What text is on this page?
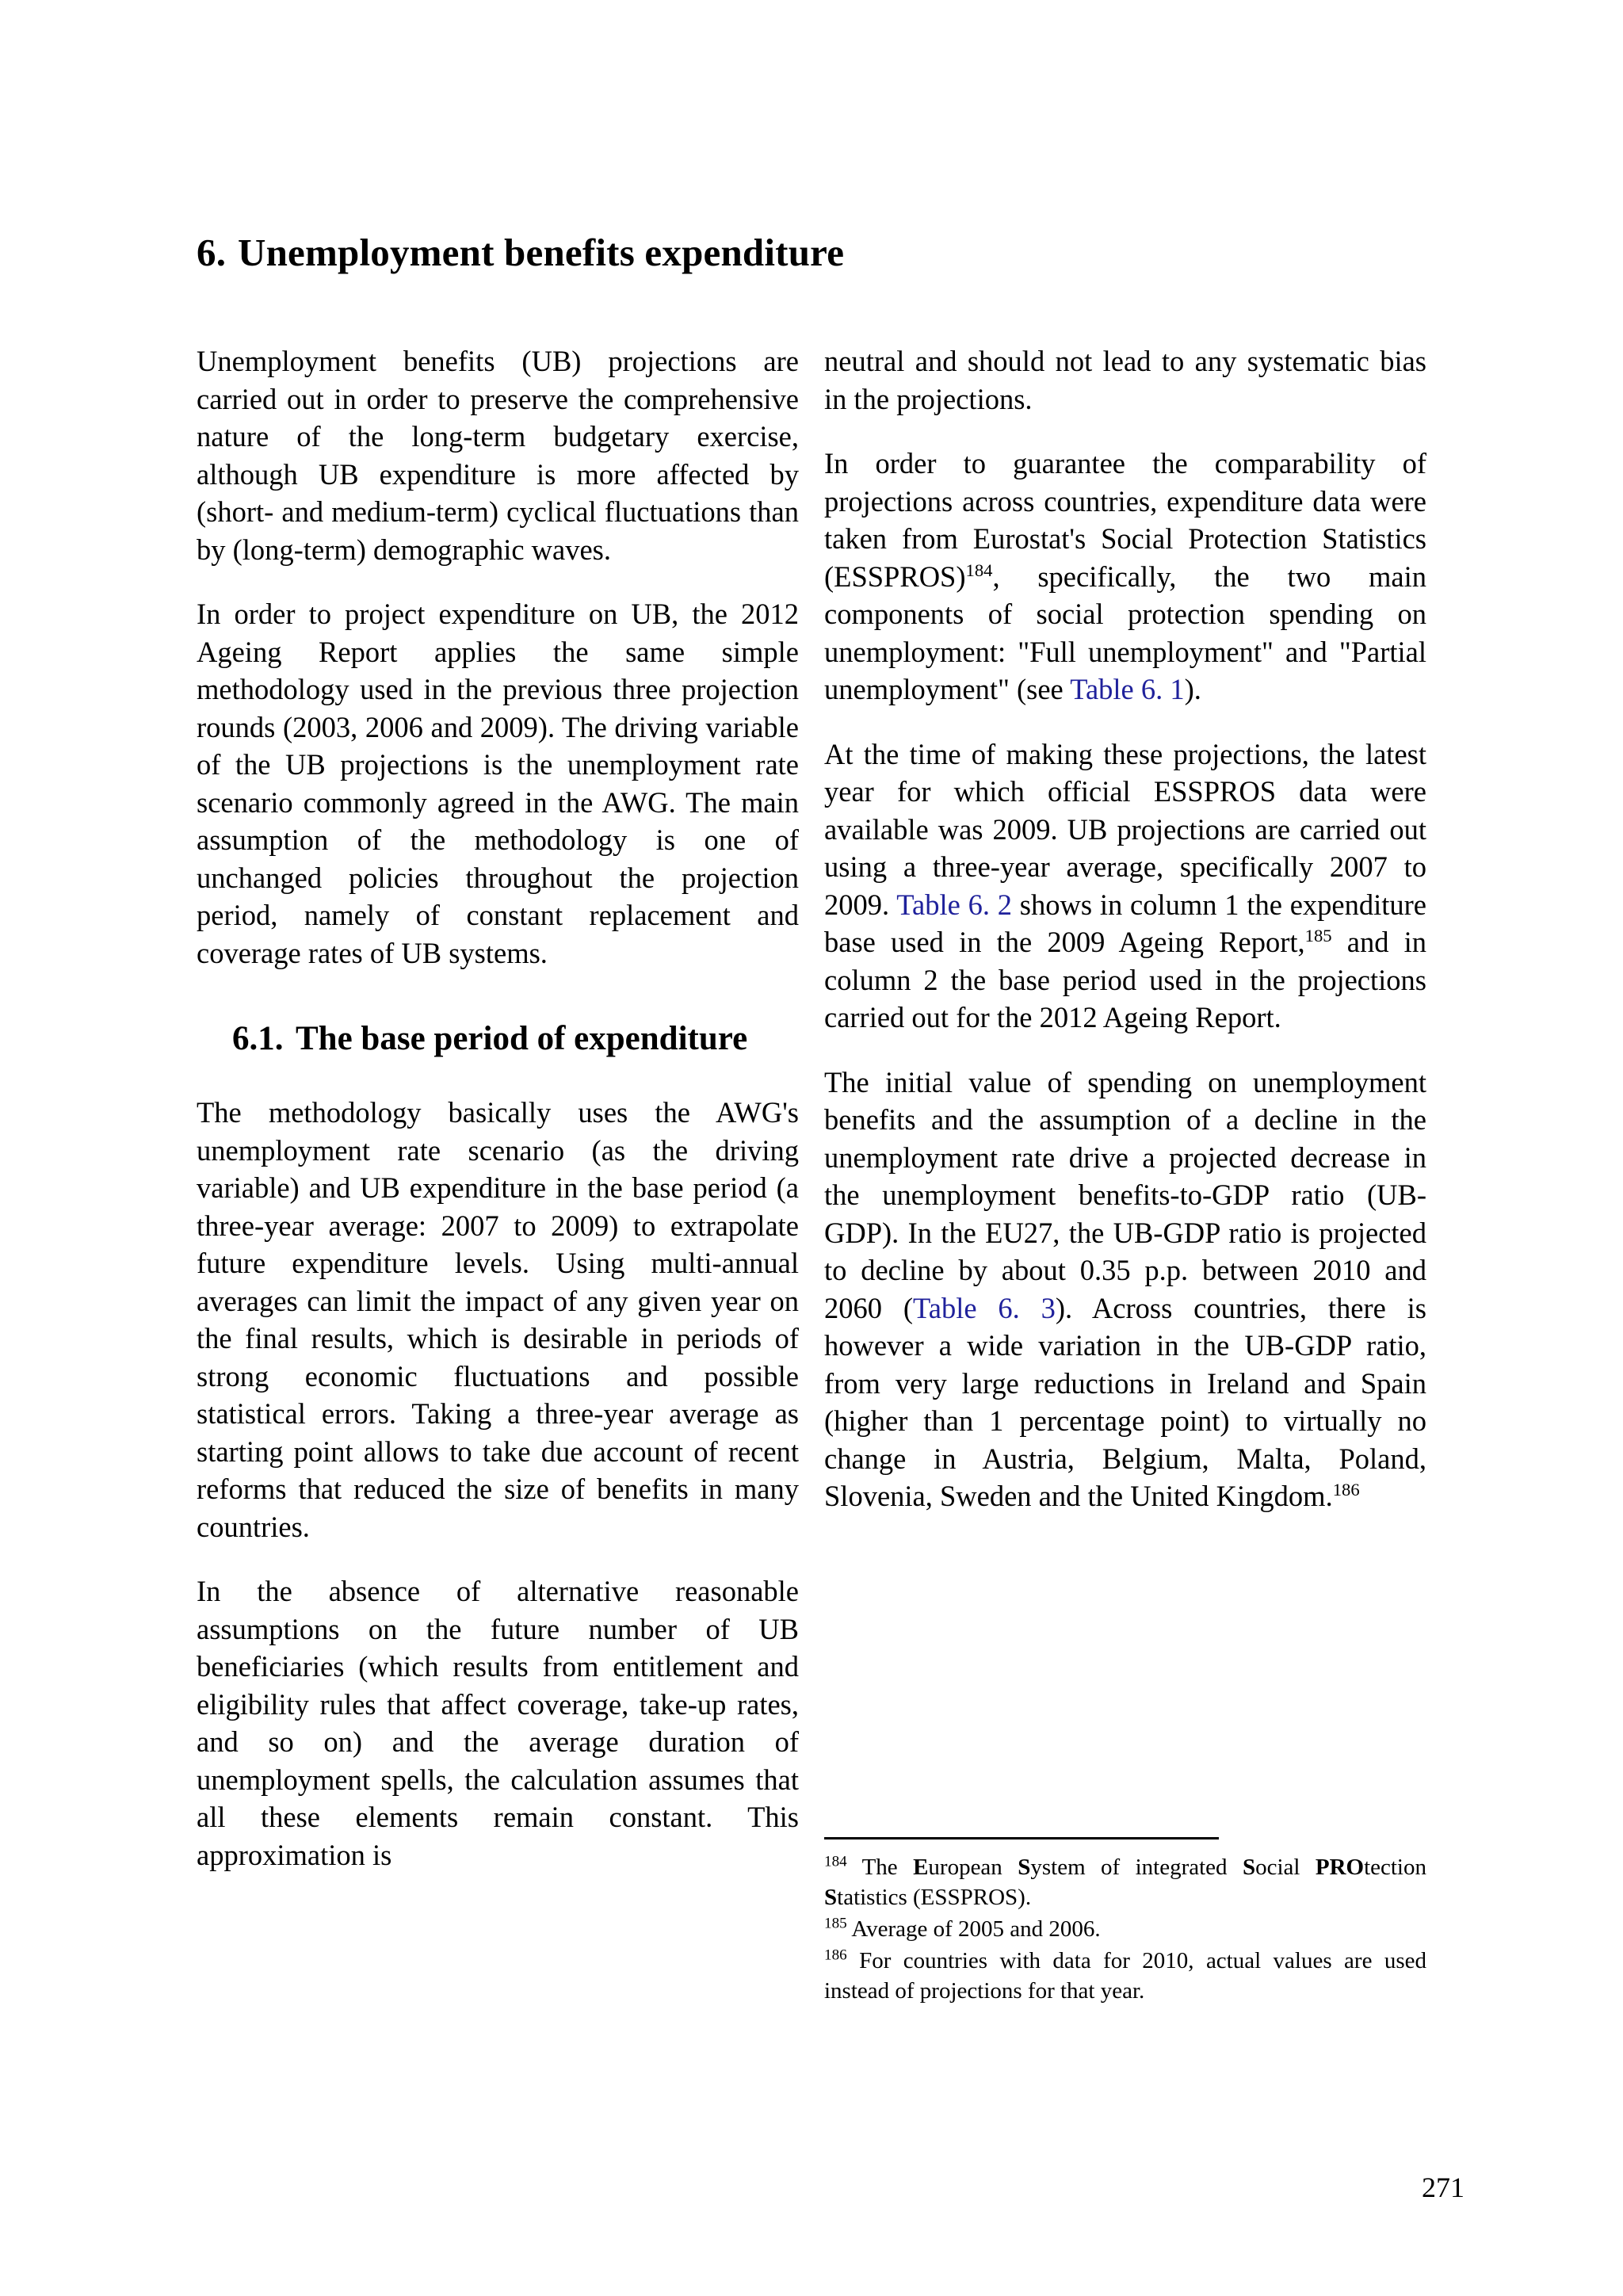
6. Unemployment benefits expenditure

Unemployment benefits (UB) projections are carried out in order to preserve the comprehensive nature of the long-term budgetary exercise, although UB expenditure is more affected by (short- and medium-term) cyclical fluctuations than by (long-term) demographic waves.

In order to project expenditure on UB, the 2012 Ageing Report applies the same simple methodology used in the previous three projection rounds (2003, 2006 and 2009). The driving variable of the UB projections is the unemployment rate scenario commonly agreed in the AWG. The main assumption of the methodology is one of unchanged policies throughout the projection period, namely of constant replacement and coverage rates of UB systems.

6.1. The base period of expenditure

The methodology basically uses the AWG's unemployment rate scenario (as the driving variable) and UB expenditure in the base period (a three-year average: 2007 to 2009) to extrapolate future expenditure levels. Using multi-annual averages can limit the impact of any given year on the final results, which is desirable in periods of strong economic fluctuations and possible statistical errors. Taking a three-year average as starting point allows to take due account of recent reforms that reduced the size of benefits in many countries.

In the absence of alternative reasonable assumptions on the future number of UB beneficiaries (which results from entitlement and eligibility rules that affect coverage, take-up rates, and so on) and the average duration of unemployment spells, the calculation assumes that all these elements remain constant. This approximation is

neutral and should not lead to any systematic bias in the projections.

In order to guarantee the comparability of projections across countries, expenditure data were taken from Eurostat's Social Protection Statistics (ESSPROS)$^{184}$, specifically, the two main components of social protection spending on unemployment: "Full unemployment" and "Partial unemployment" (see Table 6. 1).

At the time of making these projections, the latest year for which official ESSPROS data were available was 2009. UB projections are carried out using a three-year average, specifically 2007 to 2009. Table 6. 2 shows in column 1 the expenditure base used in the 2009 Ageing Report,$^{185}$ and in column 2 the base period used in the projections carried out for the 2012 Ageing Report.

The initial value of spending on unemployment benefits and the assumption of a decline in the unemployment rate drive a projected decrease in the unemployment benefits-to-GDP ratio (UB-GDP). In the EU27, the UB-GDP ratio is projected to decline by about 0.35 p.p. between 2010 and 2060 (Table 6. 3). Across countries, there is however a wide variation in the UB-GDP ratio, from very large reductions in Ireland and Spain (higher than 1 percentage point) to virtually no change in Austria, Belgium, Malta, Poland, Slovenia, Sweden and the United Kingdom.$^{186}$

$^{184}$ The European System of integrated Social PROtection Statistics (ESSPROS).

$^{185}$ Average of 2005 and 2006.

$^{186}$ For countries with data for 2010, actual values are used instead of projections for that year.

271
